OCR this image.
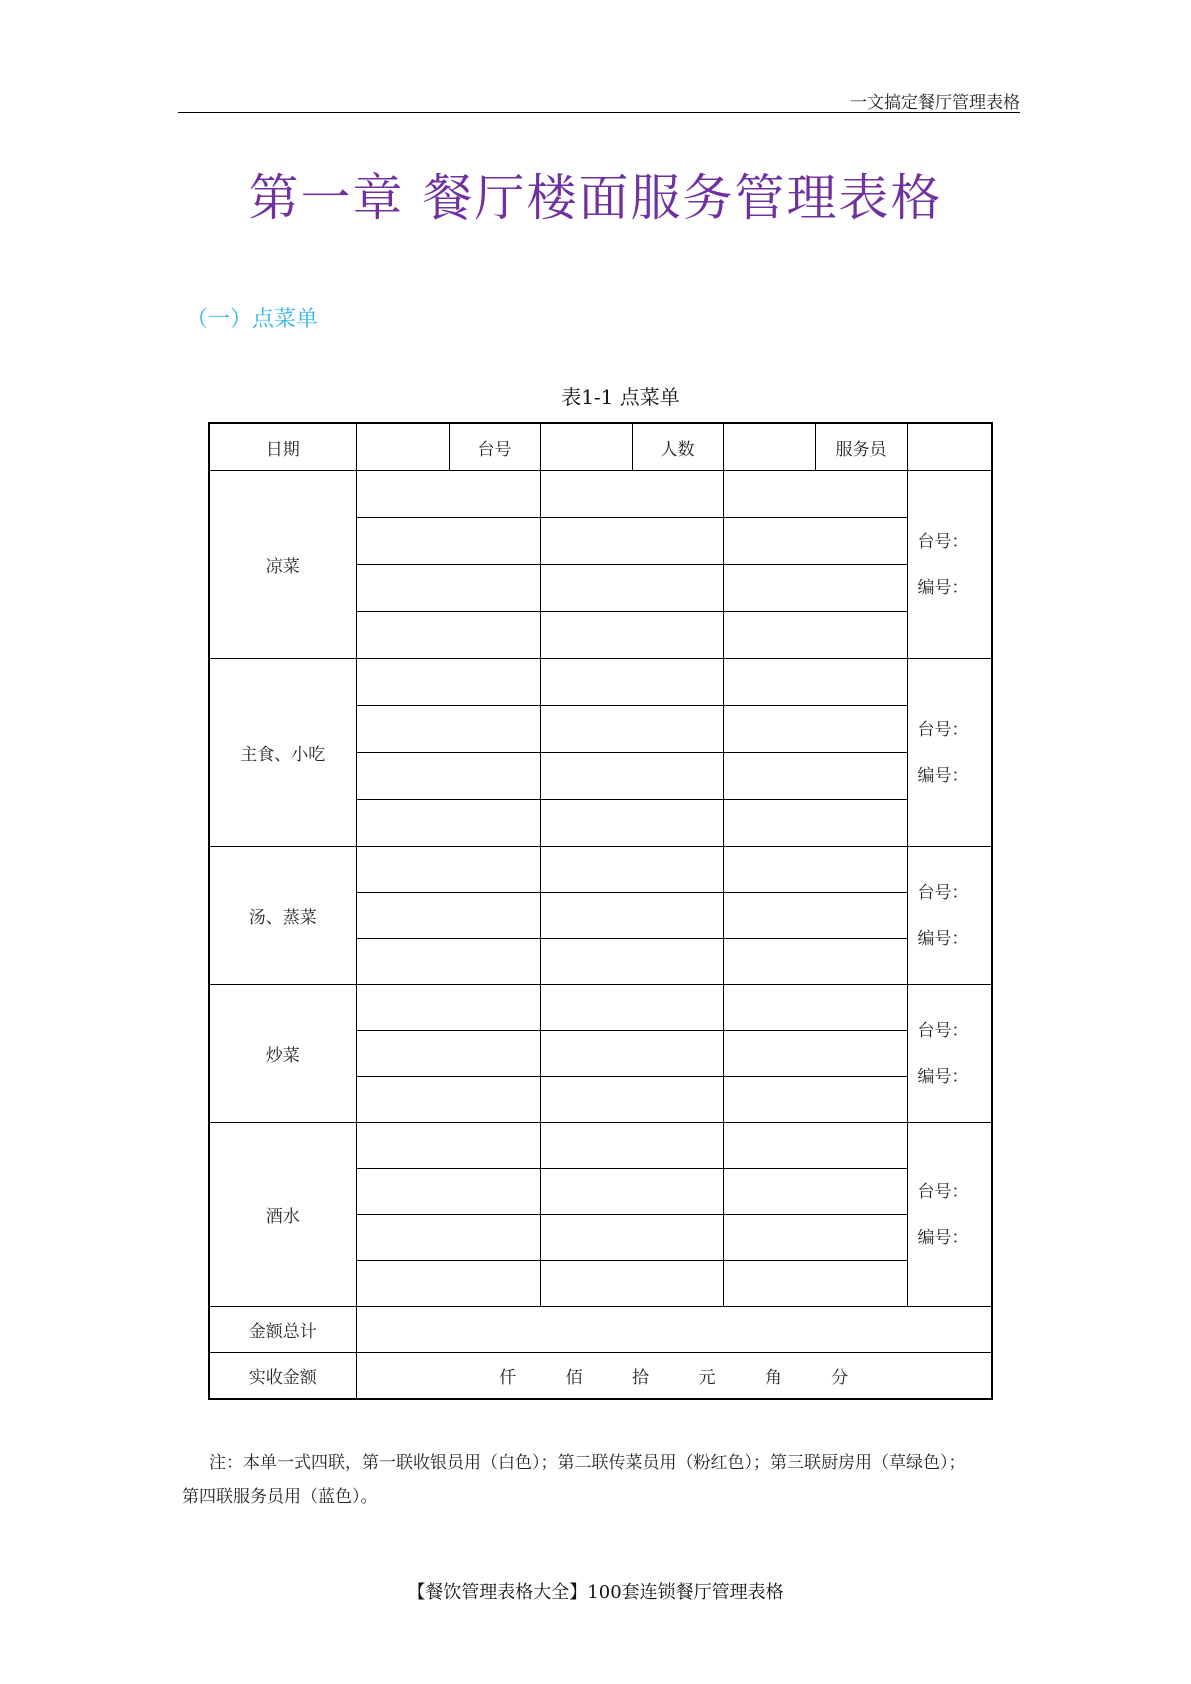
一文搞定餐厅管理表格
第一章 餐厅楼面服务管理表格
（一）点菜单
表1-1 点菜单
日期		台号		人数		服务员	
凉菜							台号：
编号：

主食、小吃							台号：
编号：

汤、蒸菜							台号：
编号：

炒菜							台号：
编号：

酒水							台号：
编号：

金额总计							
实收金额	仟 佰 拾 元 角 分						
注：本单一式四联，第一联收银员用（白色）；第二联传菜员用（粉红色）；第三联厨房用（草绿色）；
第四联服务员用（蓝色）。
【餐饮管理表格大全】100套连锁餐厅管理表格
